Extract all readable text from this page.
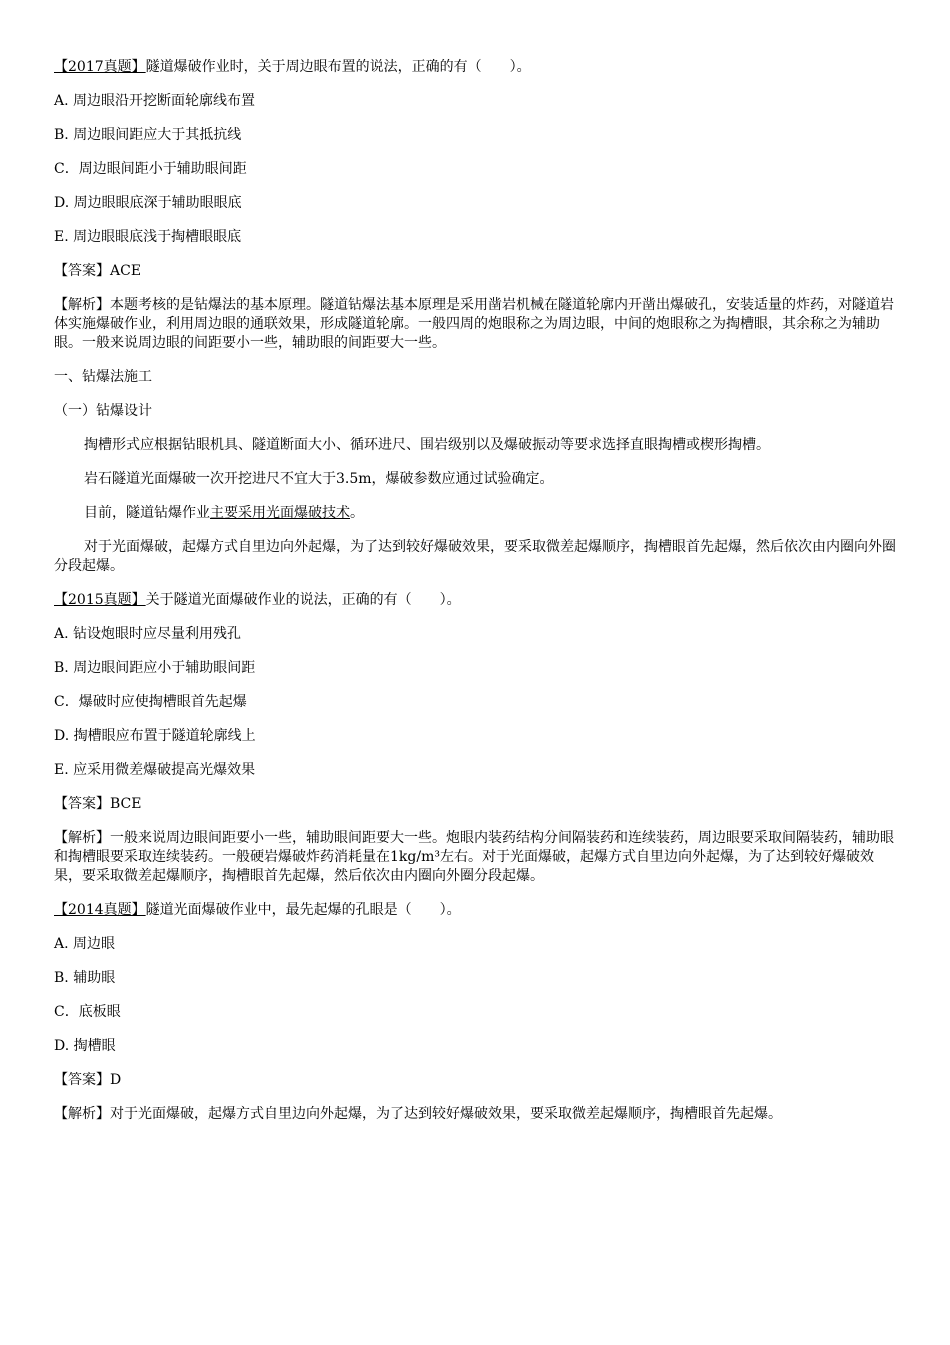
【2017真题】隧道爆破作业时，关于周边眼布置的说法，正确的有（　　）。

A. 周边眼沿开挖断面轮廓线布置

B. 周边眼间距应大于其抵抗线

C．周边眼间距小于辅助眼间距

D. 周边眼眼底深于辅助眼眼底

E. 周边眼眼底浅于掏槽眼眼底

【答案】ACE

【解析】本题考核的是钻爆法的基本原理。隧道钻爆法基本原理是采用凿岩机械在隧道轮廓内开凿出爆破孔，安装适量的炸药，对隧道岩体实施爆破作业，利用周边眼的通联效果，形成隧道轮廓。一般四周的炮眼称之为周边眼，中间的炮眼称之为掏槽眼，其余称之为辅助眼。一般来说周边眼的间距要小一些，辅助眼的间距要大一些。

一、钻爆法施工

（一）钻爆设计

掏槽形式应根据钻眼机具、隧道断面大小、循环进尺、围岩级别以及爆破振动等要求选择直眼掏槽或楔形掏槽。

岩石隧道光面爆破一次开挖进尺不宜大于3.5m，爆破参数应通过试验确定。

目前，隧道钻爆作业主要采用光面爆破技术。

对于光面爆破，起爆方式自里边向外起爆，为了达到较好爆破效果，要采取微差起爆顺序，掏槽眼首先起爆，然后依次由内圈向外圈分段起爆。

【2015真题】关于隧道光面爆破作业的说法，正确的有（　　）。

A. 钻设炮眼时应尽量利用残孔

B. 周边眼间距应小于辅助眼间距

C．爆破时应使掏槽眼首先起爆

D. 掏槽眼应布置于隧道轮廓线上

E. 应采用微差爆破提高光爆效果

【答案】BCE

【解析】一般来说周边眼间距要小一些，辅助眼间距要大一些。炮眼内装药结构分间隔装药和连续装药，周边眼要采取间隔装药，辅助眼和掏槽眼要采取连续装药。一般硬岩爆破炸药消耗量在1kg/m³左右。对于光面爆破，起爆方式自里边向外起爆，为了达到较好爆破效果，要采取微差起爆顺序，掏槽眼首先起爆，然后依次由内圈向外圈分段起爆。

【2014真题】隧道光面爆破作业中，最先起爆的孔眼是（　　）。

A. 周边眼

B. 辅助眼

C．底板眼

D. 掏槽眼

【答案】D

【解析】对于光面爆破，起爆方式自里边向外起爆，为了达到较好爆破效果，要采取微差起爆顺序，掏槽眼首先起爆。
